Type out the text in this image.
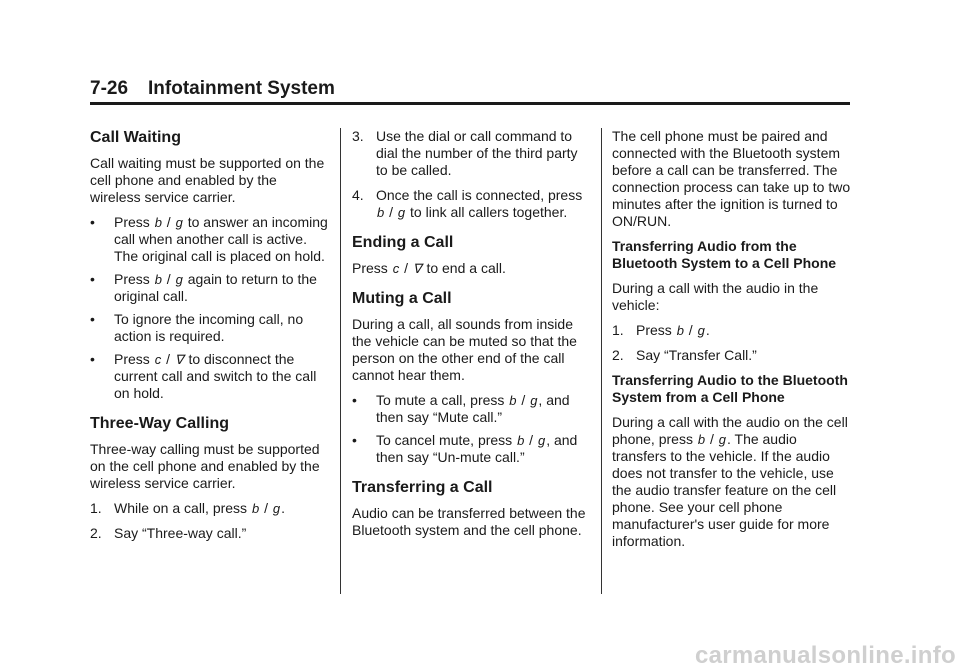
7-26 Infotainment System
Call Waiting

Call waiting must be supported on the cell phone and enabled by the wireless service carrier.

• Press b / g to answer an incoming call when another call is active. The original call is placed on hold.
• Press b / g again to return to the original call.
• To ignore the incoming call, no action is required.
• Press c / ∇ to disconnect the current call and switch to the call on hold.
Three-Way Calling

Three-way calling must be supported on the cell phone and enabled by the wireless service carrier.

1. While on a call, press b / g.
2. Say “Three-way call.”
3. Use the dial or call command to dial the number of the third party to be called.
4. Once the call is connected, press b / g to link all callers together.
Ending a Call

Press c / ∇ to end a call.

Muting a Call

During a call, all sounds from inside the vehicle can be muted so that the person on the other end of the call cannot hear them.

• To mute a call, press b / g, and then say “Mute call.”
• To cancel mute, press b / g, and then say “Un-mute call.”
Transferring a Call

Audio can be transferred between the Bluetooth system and the cell phone.

The cell phone must be paired and connected with the Bluetooth system before a call can be transferred. The connection process can take up to two minutes after the ignition is turned to ON/RUN.

Transferring Audio from the Bluetooth System to a Cell Phone

During a call with the audio in the vehicle:

1. Press b / g.
2. Say “Transfer Call.”

Transferring Audio to the Bluetooth System from a Cell Phone

During a call with the audio on the cell phone, press b / g. The audio transfers to the vehicle. If the audio does not transfer to the vehicle, use the audio transfer feature on the cell phone. See your cell phone manufacturer's user guide for more information.

carmanualsonline.info
